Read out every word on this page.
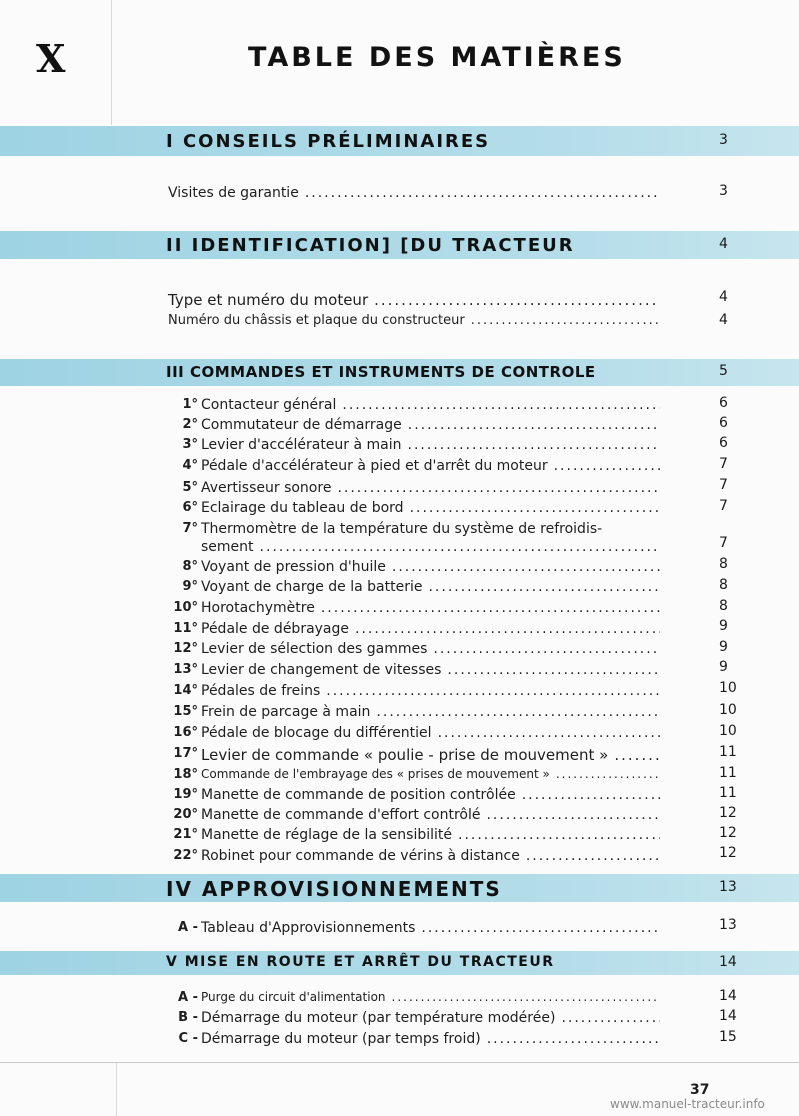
X	TABLE DES MATIÈRES
I CONSEILS PRÉLIMINAIRES	3
Visites de garantie .....	3
II IDENTIFICATION] [DU TRACTEUR	4
Type et numéro du moteur .....	4
Numéro du châssis et plaque du constructeur .....	4
III COMMANDES ET INSTRUMENTS DE CONTROLE	5
1° Contacteur général .....	6
2° Commutateur de démarrage .....	6
3° Levier d'accélérateur à main .....	6
4° Pédale d'accélérateur à pied et d'arrêt du moteur .....	7
5° Avertisseur sonore .....	7
6° Eclairage du tableau de bord .....	7
7° Thermomètre de la température du système de refroidis-
sement .....	7
8° Voyant de pression d'huile .....	8
9° Voyant de charge de la batterie .....	8
10° Horotachymètre .....	8
11° Pédale de débrayage .....	9
12° Levier de sélection des gammes .....	9
13° Levier de changement de vitesses .....	9
14° Pédales de freins .....	10
15° Frein de parcage à main .....	10
16° Pédale de blocage du différentiel .....	10
17° Levier de commande « poulie - prise de mouvement » .....	11
18° Commande de l'embrayage des « prises de mouvement » .....	11
19° Manette de commande de position contrôlée .....	11
20° Manette de commande d'effort contrôlé .....	12
21° Manette de réglage de la sensibilité .....	12
22° Robinet pour commande de vérins à distance .....	12
IV APPROVISIONNEMENTS	13
A - Tableau d'Approvisionnements .....	13
V MISE EN ROUTE ET ARRÊT DU TRACTEUR	14
A - Purge du circuit d'alimentation .....	14
B - Démarrage du moteur (par température modérée) .....	14
C - Démarrage du moteur (par temps froid) .....	15
37
www.manuel-tracteur.info
